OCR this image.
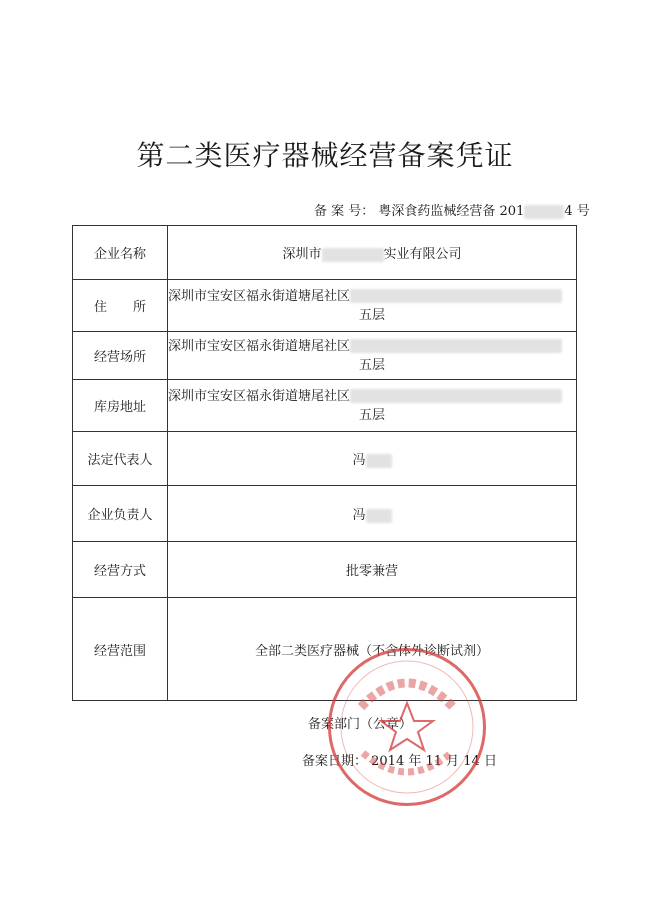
第二类医疗器械经营备案凭证
备 案 号： 粤深食药监械经营备 201	4 号
企业名称	深圳市 实业有限公司
住　　所	深圳市宝安区福永街道塘尾社区
五层

经营场所	深圳市宝安区福永街道塘尾社区
五层

库房地址	深圳市宝安区福永街道塘尾社区
五层

法定代表人	冯
企业负责人	冯
经营方式	批零兼营
经营范围	全部二类医疗器械（不含体外诊断试剂）
备案部门（公章）
备案日期： 2014 年 11 月 14 日
